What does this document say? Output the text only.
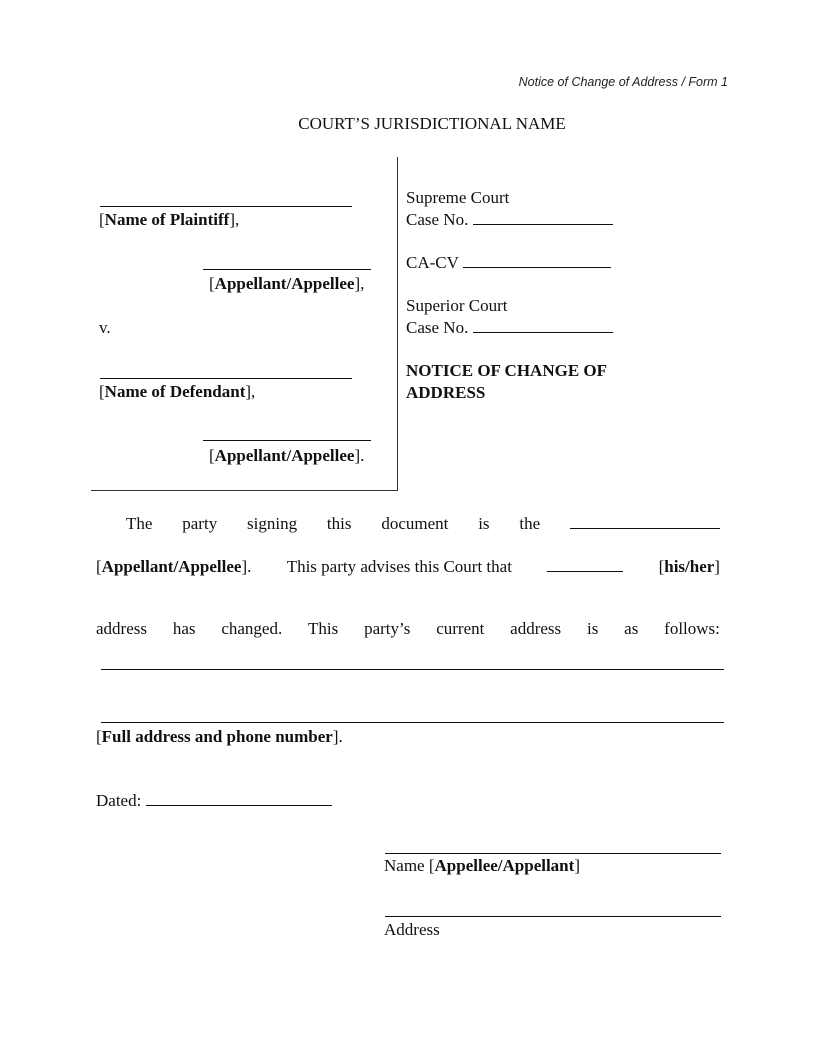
Notice of Change of Address / Form 1
COURT’S JURISDICTIONAL NAME
[Name of Plaintiff],
[Appellant/Appellee],
v.
[Name of Defendant],
[Appellant/Appellee].
Supreme Court
Case No.
CA-CV
Superior Court
Case No.
NOTICE OF CHANGE OF
ADDRESS
The party signing this document is the
[Appellant/Appellee]. This party advises this Court that	[his/her]
address has changed. This party’s current address is as follows:
[Full address and phone number].
Dated:
Name [Appellee/Appellant]
Address
